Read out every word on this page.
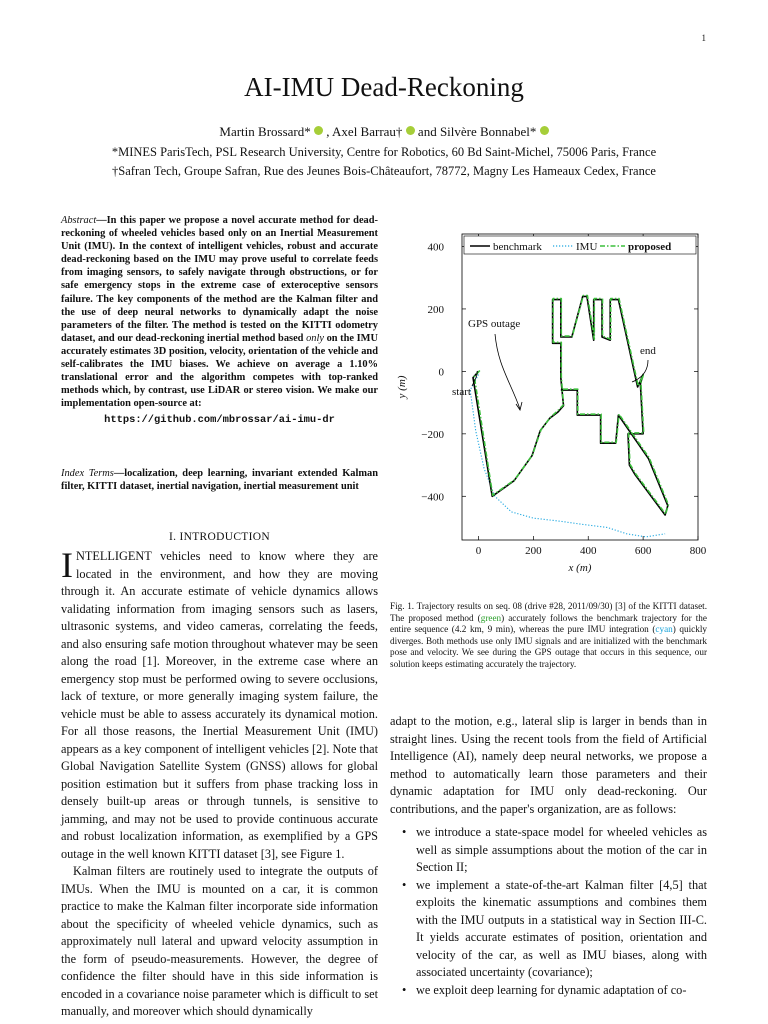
1
AI-IMU Dead-Reckoning
Martin Brossard* , Axel Barrau† and Silvère Bonnabel*
*MINES ParisTech, PSL Research University, Centre for Robotics, 60 Bd Saint-Michel, 75006 Paris, France
†Safran Tech, Groupe Safran, Rue des Jeunes Bois-Châteaufort, 78772, Magny Les Hameaux Cedex, France
Abstract—In this paper we propose a novel accurate method for dead-reckoning of wheeled vehicles based only on an Inertial Measurement Unit (IMU). In the context of intelligent vehicles, robust and accurate dead-reckoning based on the IMU may prove useful to correlate feeds from imaging sensors, to safely navigate through obstructions, or for safe emergency stops in the extreme case of exteroceptive sensors failure. The key components of the method are the Kalman filter and the use of deep neural networks to dynamically adapt the noise parameters of the filter. The method is tested on the KITTI odometry dataset, and our dead-reckoning inertial method based only on the IMU accurately estimates 3D position, velocity, orientation of the vehicle and self-calibrates the IMU biases. We achieve on average a 1.10% translational error and the algorithm competes with top-ranked methods which, by contrast, use LiDAR or stereo vision. We make our implementation open-source at:
https://github.com/mbrossar/ai-imu-dr
Index Terms—localization, deep learning, invariant extended Kalman filter, KITTI dataset, inertial navigation, inertial measurement unit
I. INTRODUCTION

INTELLIGENT vehicles need to know where they are located in the environment, and how they are moving through it. An accurate estimate of vehicle dynamics allows validating information from imaging sensors such as lasers, ultrasonic systems, and video cameras, correlating the feeds, and also ensuring safe motion throughout whatever may be seen along the road [1]. Moreover, in the extreme case where an emergency stop must be performed owing to severe occlusions, lack of texture, or more generally imaging system failure, the vehicle must be able to assess accurately its dynamical motion. For all those reasons, the Inertial Measurement Unit (IMU) appears as a key component of intelligent vehicles [2]. Note that Global Navigation Satellite System (GNSS) allows for global position estimation but it suffers from phase tracking loss in densely built-up areas or through tunnels, is sensitive to jamming, and may not be used to provide continuous accurate and robust localization information, as exemplified by a GPS outage in the well known KITTI dataset [3], see Figure 1.

Kalman filters are routinely used to integrate the outputs of IMUs. When the IMU is mounted on a car, it is common practice to make the Kalman filter incorporate side information about the specificity of wheeled vehicle dynamics, such as approximately null lateral and upward velocity assumption in the form of pseudo-measurements. However, the degree of confidence the filter should have in this side information is encoded in a covariance noise parameter which is difficult to set manually, and moreover which should dynamically

0	200	400	600	800
400
200
0
−200
−400
x (m)
y (m)
benchmark	IMU	proposed
GPS outage
end
start
Fig. 1. Trajectory results on seq. 08 (drive #28, 2011/09/30) [3] of the KITTI dataset. The proposed method (green) accurately follows the benchmark trajectory for the entire sequence (4.2 km, 9 min), whereas the pure IMU integration (cyan) quickly diverges. Both methods use only IMU signals and are initialized with the benchmark pose and velocity. We see during the GPS outage that occurs in this sequence, our solution keeps estimating accurately the trajectory.

adapt to the motion, e.g., lateral slip is larger in bends than in straight lines. Using the recent tools from the field of Artificial Intelligence (AI), namely deep neural networks, we propose a method to automatically learn those parameters and their dynamic adaptation for IMU only dead-reckoning. Our contributions, and the paper's organization, are as follows:

• we introduce a state-space model for wheeled vehicles as well as simple assumptions about the motion of the car in Section II;
• we implement a state-of-the-art Kalman filter [4,5] that exploits the kinematic assumptions and combines them with the IMU outputs in a statistical way in Section III-C. It yields accurate estimates of position, orientation and velocity of the car, as well as IMU biases, along with associated uncertainty (covariance);
• we exploit deep learning for dynamic adaptation of co-
